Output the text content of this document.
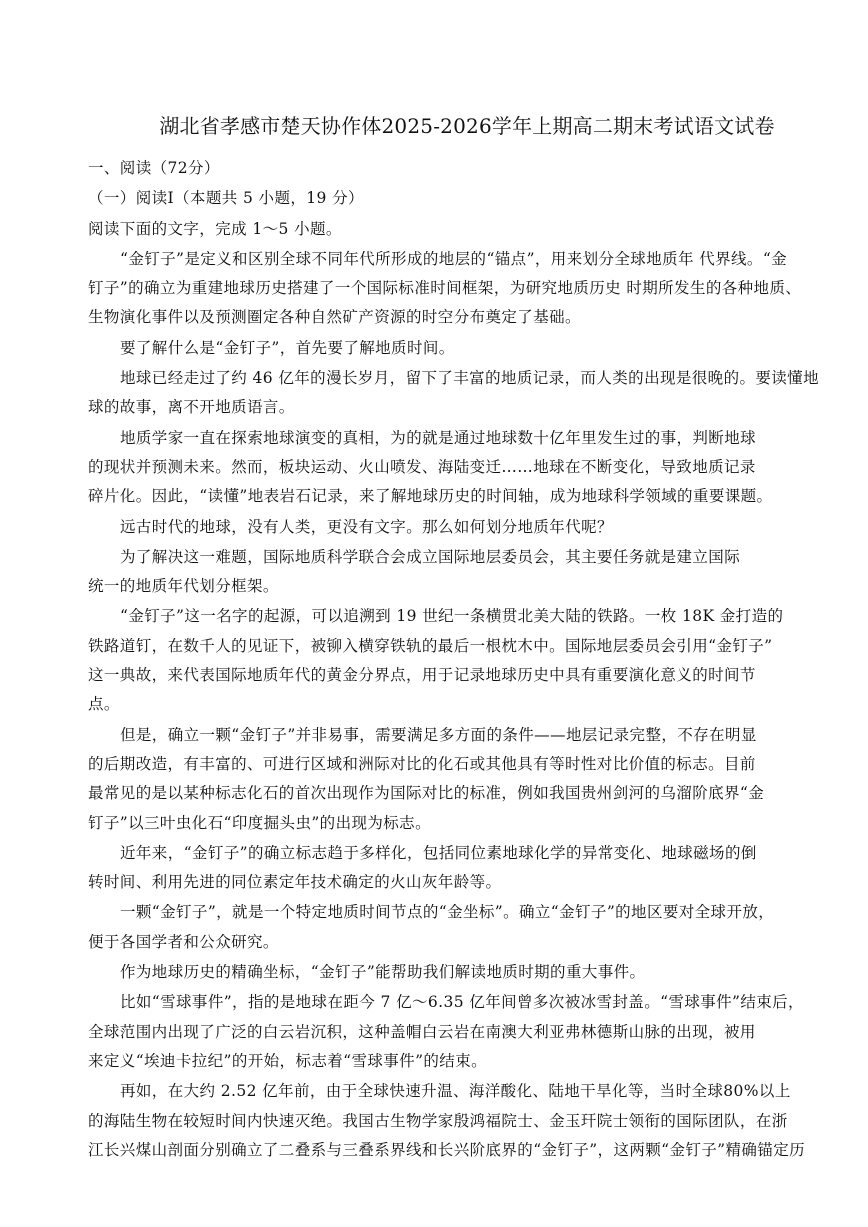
湖北省孝感市楚天协作体2025-2026学年上期高二期末考试语文试卷
一、阅读（72分）
（一）阅读I（本题共 5 小题，19 分）
阅读下面的文字，完成 1～5 小题。
“金钉子”是定义和区别全球不同年代所形成的地层的“锚点”，用来划分全球地质年 代界线。“金
钉子”的确立为重建地球历史搭建了一个国际标准时间框架，为研究地质历史 时期所发生的各种地质、
生物演化事件以及预测圈定各种自然矿产资源的时空分布奠定了基础。
要了解什么是“金钉子”，首先要了解地质时间。
地球已经走过了约 46 亿年的漫长岁月，留下了丰富的地质记录，而人类的出现是很晚的。要读懂地
球的故事，离不开地质语言。
地质学家一直在探索地球演变的真相，为的就是通过地球数十亿年里发生过的事，判断地球
的现状并预测未来。然而，板块运动、火山喷发、海陆变迁……地球在不断变化，导致地质记录
碎片化。因此，“读懂”地表岩石记录，来了解地球历史的时间轴，成为地球科学领域的重要课题。
远古时代的地球，没有人类，更没有文字。那么如何划分地质年代呢？
为了解决这一难题，国际地质科学联合会成立国际地层委员会，其主要任务就是建立国际
统一的地质年代划分框架。
“金钉子”这一名字的起源，可以追溯到 19 世纪一条横贯北美大陆的铁路。一枚 18K 金打造的
铁路道钉，在数千人的见证下，被铆入横穿铁轨的最后一根枕木中。国际地层委员会引用“金钉子”
这一典故，来代表国际地质年代的黄金分界点，用于记录地球历史中具有重要演化意义的时间节
点。
但是，确立一颗“金钉子”并非易事，需要满足多方面的条件——地层记录完整，不存在明显
的后期改造，有丰富的、可进行区域和洲际对比的化石或其他具有等时性对比价值的标志。目前
最常见的是以某种标志化石的首次出现作为国际对比的标准，例如我国贵州剑河的乌溜阶底界“金
钉子”以三叶虫化石“印度掘头虫”的出现为标志。
近年来，“金钉子”的确立标志趋于多样化，包括同位素地球化学的异常变化、地球磁场的倒
转时间、利用先进的同位素定年技术确定的火山灰年龄等。
一颗“金钉子”，就是一个特定地质时间节点的“金坐标”。确立“金钉子”的地区要对全球开放，
便于各国学者和公众研究。
作为地球历史的精确坐标，“金钉子”能帮助我们解读地质时期的重大事件。
比如“雪球事件”，指的是地球在距今 7 亿～6.35 亿年间曾多次被冰雪封盖。“雪球事件”结束后，
全球范围内出现了广泛的白云岩沉积，这种盖帽白云岩在南澳大利亚弗林德斯山脉的出现，被用
来定义“埃迪卡拉纪”的开始，标志着“雪球事件”的结束。
再如，在大约 2.52 亿年前，由于全球快速升温、海洋酸化、陆地干旱化等，当时全球80%以上
的海陆生物在较短时间内快速灭绝。我国古生物学家殷鸿福院士、金玉玕院士领衔的国际团队，在浙
江长兴煤山剖面分别确立了二叠系与三叠系界线和长兴阶底界的“金钉子”，这两颗“金钉子”精确锚定历
